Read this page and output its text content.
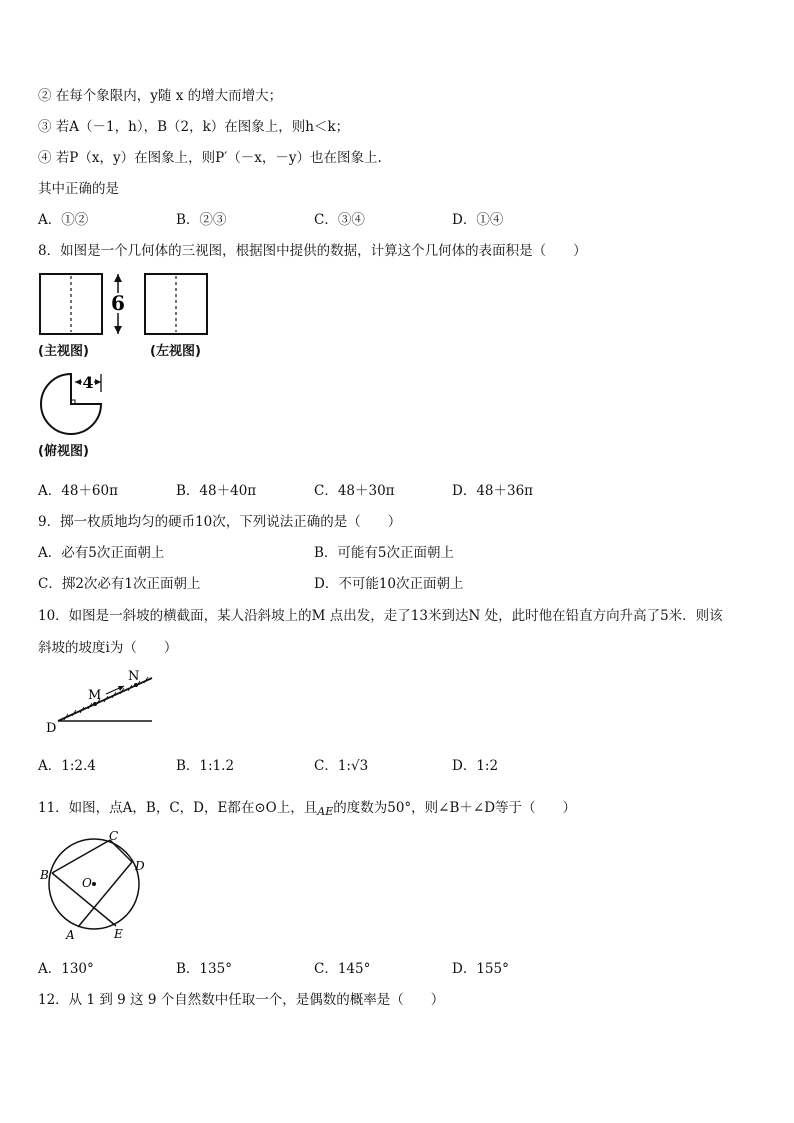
② 在每个象限内，y随 x 的增大而增大；
③ 若A（－1，h），B（2，k）在图象上，则h＜k；
④ 若P（x，y）在图象上，则P′（－x，－y）也在图象上.
其中正确的是
A．①②	B．②③	C．③④	D．①④
8．如图是一个几何体的三视图，根据图中提供的数据，计算这个几何体的表面积是（　　）
6
(主视图)	(左视图)
4
(俯视图)
A．48＋60π	B．48＋40π	C．48＋30π	D．48＋36π
9．掷一枚质地均匀的硬币10次，下列说法正确的是（　　）
A．必有5次正面朝上	B．可能有5次正面朝上
C．掷2次必有1次正面朝上	D．不可能10次正面朝上
10．如图是一斜坡的横截面，某人沿斜坡上的M 点出发，走了13米到达N 处，此时他在铅直方向升高了5米．则该
斜坡的坡度i为（　　）
D
M
N
A．1:2.4	B．1:1.2	C．1:√3	D．1:2
11．如图，点A，B，C，D，E都在⊙O上，且$_{AE}$的度数为50°，则∠B＋∠D等于（　　）
C
D
B
O
A	E
A．130°	B．135°	C．145°	D．155°
12．从 1 到 9 这 9 个自然数中任取一个，是偶数的概率是（　　）
